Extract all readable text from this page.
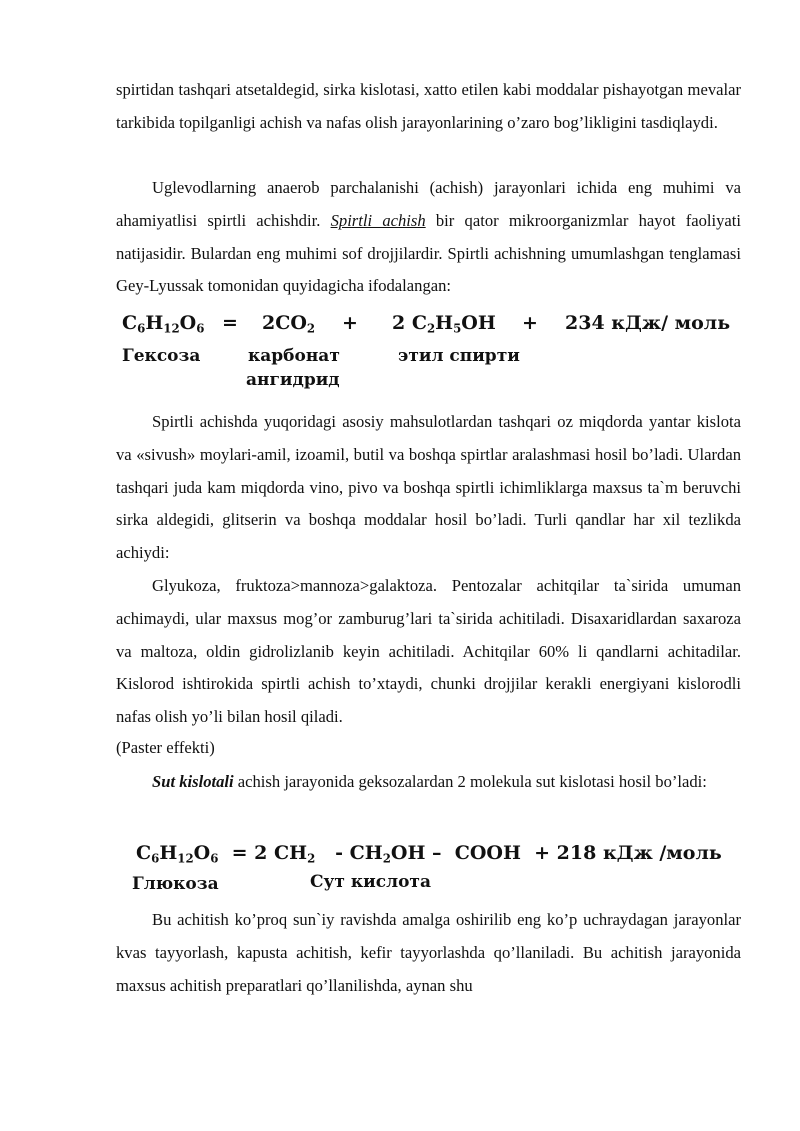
spirtidan tashqari atsetaldegid, sirka kislotasi, xatto etilen kabi moddalar pishayotgan mevalar tarkibida topilganligi achish va nafas olish jarayonlarining o’zaro bog’likligini tasdiqlaydi.

Uglevodlarning anaerob parchalanishi (achish) jarayonlari ichida eng muhimi va ahamiyatlisi spirtli achishdir. Spirtli achish bir qator mikroorganizmlar hayot faoliyati natijasidir. Bulardan eng muhimi sof drojjilardir. Spirtli achishning umumlashgan tenglamasi Gey-Lyussak tomonidan quyidagicha ifodalangan:

$C_6H_{12}O_6 = 2CO_2 + 2$ $C_2H_5OH + 234$ кДж/ моль
Гексоза	карбонат
ангидрид
этил спирти

Spirtli achishda yuqoridagi asosiy mahsulotlardan tashqari oz miqdorda yantar kislota va «sivush» moylari-amil, izoamil, butil va boshqa spirtlar aralashmasi hosil bo’ladi. Ulardan tashqari juda kam miqdorda vino, pivo va boshqa spirtli ichimliklarga maxsus ta`m beruvchi sirka aldegidi, glitserin va boshqa moddalar hosil bo’ladi. Turli qandlar har xil tezlikda achiydi:

Glyukoza, fruktoza>mannoza>galaktoza. Pentozalar achitqilar ta`sirida umuman achimaydi, ular maxsus mog’or zamburug’lari ta`sirida achitiladi. Disaxaridlardan saxaroza va maltoza, oldin gidrolizlanib keyin achitiladi. Achitqilar 60% li qandlarni achitadilar. Kislorod ishtirokida spirtli achish to’xtaydi, chunki drojjilar kerakli energiyani kislorodli nafas olish yo’li bilan hosil qiladi.

(Paster effekti)

Sut kislotali achish jarayonida geksozalardan 2 molekula sut kislotasi hosil bo’ladi:

$C_6H_{12}O_6 = 2$ $CH_2 - CH_2OH$ –  COOH  + 218 кДж /моль
Глюкоза	Сут кислота

Bu achitish ko’proq sun`iy ravishda amalga oshirilib eng ko’p uchraydagan jarayonlar kvas tayyorlash, kapusta achitish, kefir tayyorlashda qo’llaniladi. Bu achitish jarayonida maxsus achitish preparatlari qo’llanilishda, aynan shu
